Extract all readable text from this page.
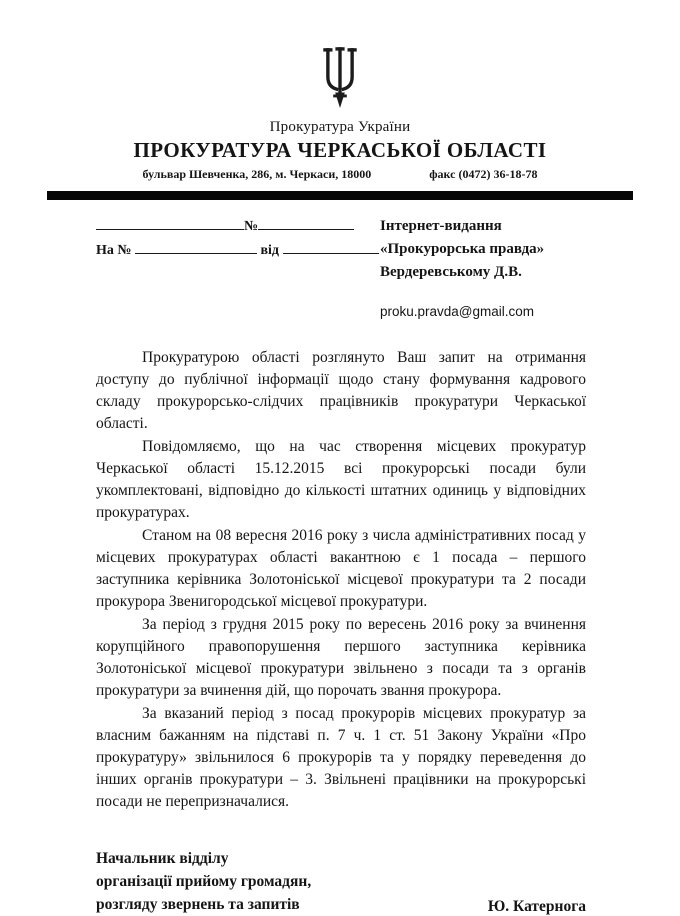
Прокуратура України
ПРОКУРАТУРА ЧЕРКАСЬКОЇ ОБЛАСТІ
бульвар Шевченка, 286, м. Черкаси, 18000	факс (0472) 36-18-78
№
На №	від
Інтернет-видання
«Прокурорська правда»
Вердеревському Д.В.
proku.pravda@gmail.com

Прокуратурою області розглянуто Ваш запит на отримання доступу до публічної інформації щодо стану формування кадрового складу прокурорсько-слідчих працівників прокуратури Черкаської області.

Повідомляємо, що на час створення місцевих прокуратур Черкаської області 15.12.2015 всі прокурорські посади були укомплектовані, відповідно до кількості штатних одиниць у відповідних прокуратурах.

Станом на 08 вересня 2016 року з числа адміністративних посад у місцевих прокуратурах області вакантною є 1 посада – першого заступника керівника Золотоніської місцевої прокуратури та 2 посади прокурора Звенигородської місцевої прокуратури.

За період з грудня 2015 року по вересень 2016 року за вчинення корупційного правопорушення першого заступника керівника Золотоніської місцевої прокуратури звільнено з посади та з органів прокуратури за вчинення дій, що порочать звання прокурора.

За вказаний період з посад прокурорів місцевих прокуратур за власним бажанням на підставі п. 7 ч. 1 ст. 51 Закону України «Про прокуратуру» звільнилося 6 прокурорів та у порядку переведення до інших органів прокуратури – 3. Звільнені працівники на прокурорські посади не перепризначалися.

Начальник відділу
організації прийому громадян,
розгляду звернень та запитів	Ю. Катернога
